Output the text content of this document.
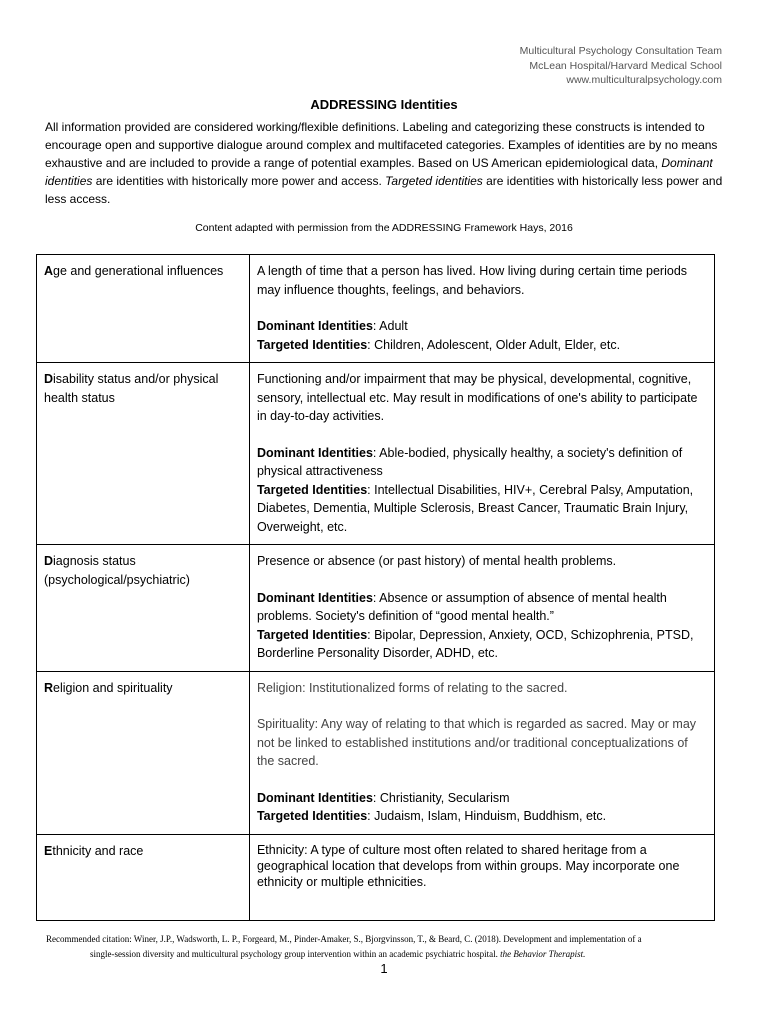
Multicultural Psychology Consultation Team
McLean Hospital/Harvard Medical School
www.multiculturalpsychology.com
ADDRESSING Identities
All information provided are considered working/flexible definitions. Labeling and categorizing these constructs is intended to encourage open and supportive dialogue around complex and multifaceted categories. Examples of identities are by no means exhaustive and are included to provide a range of potential examples. Based on US American epidemiological data, Dominant identities are identities with historically more power and access. Targeted identities are identities with historically less power and less access.
Content adapted with permission from the ADDRESSING Framework Hays, 2016
Age and generational influences	A length of time that a person has lived. How living during certain time periods may influence thoughts, feelings, and behaviors.
Dominant Identities: Adult
Targeted Identities: Children, Adolescent, Older Adult, Elder, etc.

Disability status and/or physical health status	Functioning and/or impairment that may be physical, developmental, cognitive, sensory, intellectual etc. May result in modifications of one's ability to participate in day-to-day activities.
Dominant Identities: Able-bodied, physically healthy, a society's definition of physical attractiveness
Targeted Identities: Intellectual Disabilities, HIV+, Cerebral Palsy, Amputation, Diabetes, Dementia, Multiple Sclerosis, Breast Cancer, Traumatic Brain Injury, Overweight, etc.

Diagnosis status (psychological/psychiatric)	Presence or absence (or past history) of mental health problems.
Dominant Identities: Absence or assumption of absence of mental health problems. Society's definition of “good mental health.”
Targeted Identities: Bipolar, Depression, Anxiety, OCD, Schizophrenia, PTSD, Borderline Personality Disorder, ADHD, etc.

Religion and spirituality	Religion: Institutionalized forms of relating to the sacred.
Spirituality: Any way of relating to that which is regarded as sacred. May or may not be linked to established institutions and/or traditional conceptualizations of the sacred.
Dominant Identities: Christianity, Secularism
Targeted Identities: Judaism, Islam, Hinduism, Buddhism, etc.

Ethnicity and race	Ethnicity: A type of culture most often related to shared heritage from a geographical location that develops from within groups. May incorporate one ethnicity or multiple ethnicities.
Recommended citation: Winer, J.P., Wadsworth, L. P., Forgeard, M., Pinder-Amaker, S., Bjorgvinsson, T., & Beard, C. (2018). Development and implementation of a
single-session diversity and multicultural psychology group intervention within an academic psychiatric hospital. the Behavior Therapist.
1
